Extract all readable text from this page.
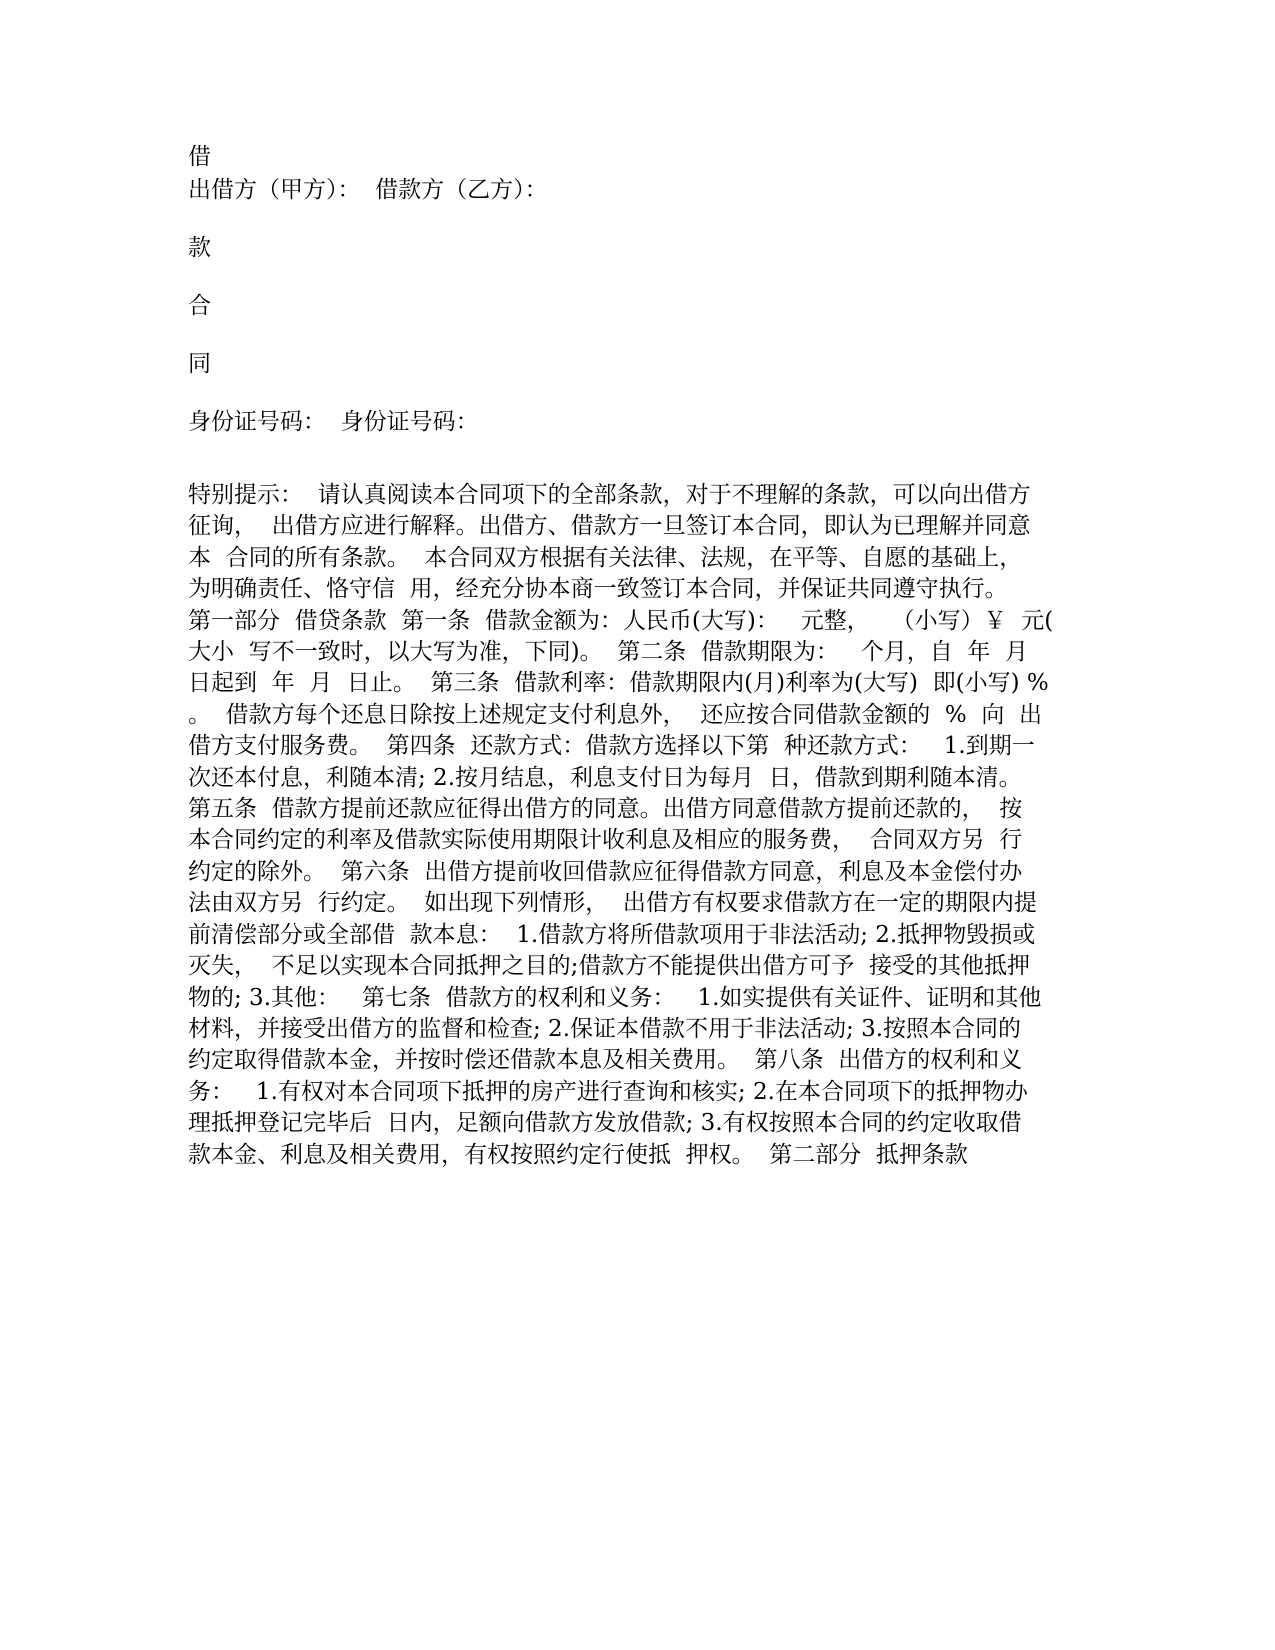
借

出借方（甲方）：  借款方（乙方）：

款

合

同

身份证号码：  身份证号码：

特别提示：  请认真阅读本合同项下的全部条款，对于不理解的条款，可以向出借方

征询，  出借方应进行解释。出借方、借款方一旦签订本合同，即认为已理解并同意

本  合同的所有条款。  本合同双方根据有关法律、法规，在平等、自愿的基础上，

为明确责任、恪守信  用，经充分协本商一致签订本合同，并保证共同遵守执行。

第一部分  借贷条款  第一条  借款金额为：人民币(大写)：   元整，   （小写）￥  元(

大小  写不一致时，以大写为准，下同)。  第二条  借款期限为：   个月，自  年  月

日起到  年  月  日止。  第三条  借款利率：借款期限内(月)利率为(大写)  即(小写) %

。  借款方每个还息日除按上述规定支付利息外，  还应按合同借款金额的  %  向  出

借方支付服务费。  第四条  还款方式：借款方选择以下第  种还款方式：   1.到期一

次还本付息，利随本清; 2.按月结息，利息支付日为每月  日，借款到期利随本清。

第五条  借款方提前还款应征得出借方的同意。出借方同意借款方提前还款的，  按

本合同约定的利率及借款实际使用期限计收利息及相应的服务费，  合同双方另  行

约定的除外。  第六条  出借方提前收回借款应征得借款方同意，利息及本金偿付办

法由双方另  行约定。  如出现下列情形，  出借方有权要求借款方在一定的期限内提

前清偿部分或全部借  款本息：  1.借款方将所借款项用于非法活动; 2.抵押物毁损或

灭失，  不足以实现本合同抵押之目的;借款方不能提供出借方可予  接受的其他抵押

物的; 3.其他：   第七条  借款方的权利和义务：   1.如实提供有关证件、证明和其他

材料，并接受出借方的监督和检查; 2.保证本借款不用于非法活动; 3.按照本合同的

约定取得借款本金，并按时偿还借款本息及相关费用。  第八条  出借方的权利和义

务：   1.有权对本合同项下抵押的房产进行查询和核实; 2.在本合同项下的抵押物办

理抵押登记完毕后  日内，足额向借款方发放借款; 3.有权按照本合同的约定收取借

款本金、利息及相关费用，有权按照约定行使抵  押权。  第二部分  抵押条款
